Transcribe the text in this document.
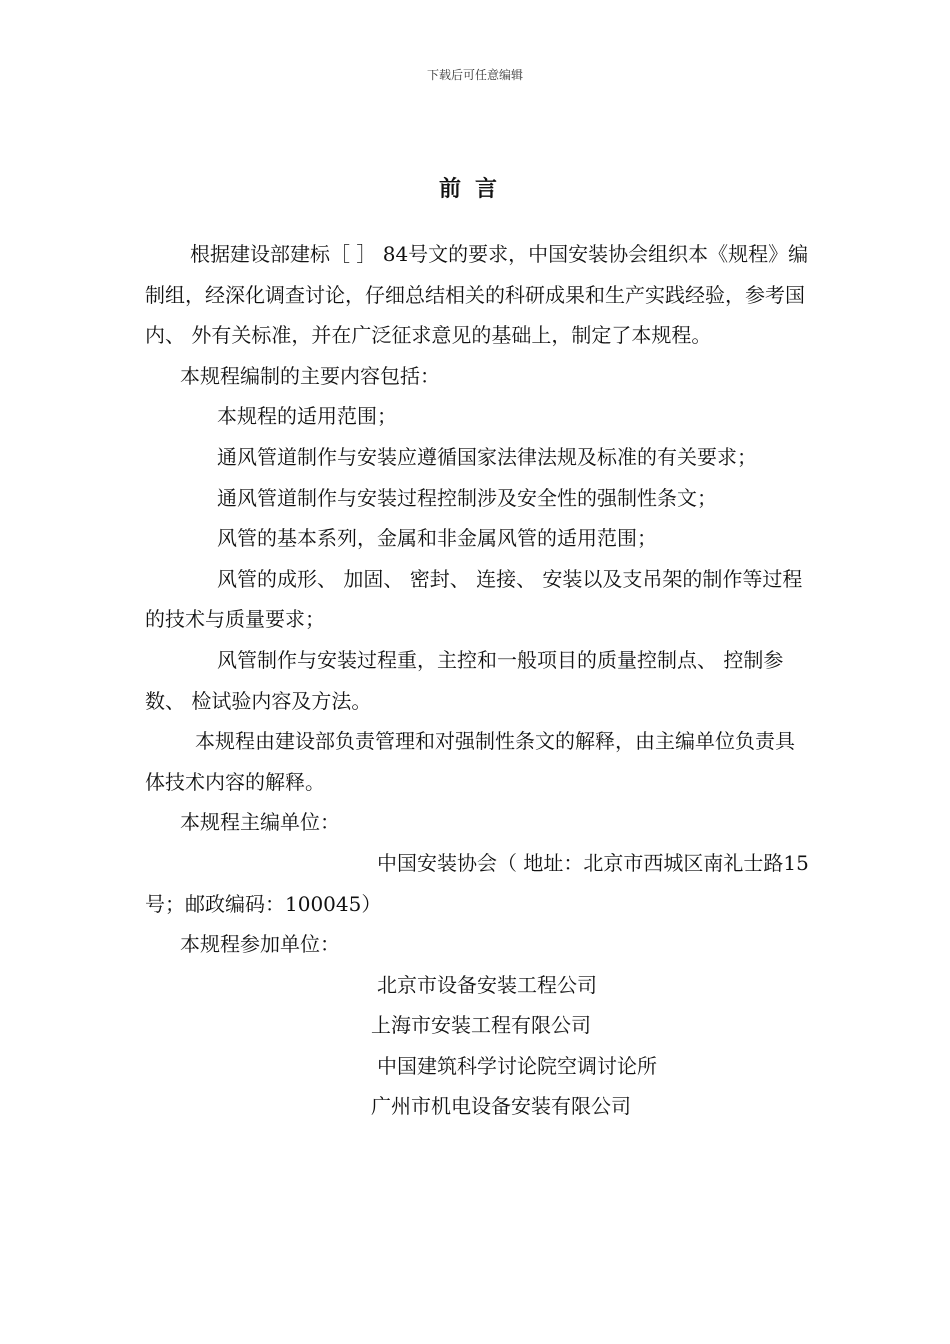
下载后可任意编辑
前言

根据建设部建标［ ］ 84号文的要求，中国安装协会组织本《规程》编制组，经深化调查讨论，仔细总结相关的科研成果和生产实践经验，参考国内、 外有关标准，并在广泛征求意见的基础上，制定了本规程。

本规程编制的主要内容包括：

本规程的适用范围；

通风管道制作与安装应遵循国家法律法规及标准的有关要求；

通风管道制作与安装过程控制涉及安全性的强制性条文；

风管的基本系列，金属和非金属风管的适用范围；

风管的成形、 加固、 密封、 连接、 安装以及支吊架的制作等过程的技术与质量要求；

风管制作与安装过程重，主控和一般项目的质量控制点、 控制参数、 检试验内容及方法。

本规程由建设部负责管理和对强制性条文的解释，由主编单位负责具体技术内容的解释。

本规程主编单位：

中国安装协会（ 地址：北京市西城区南礼士路15号；邮政编码：100045）

本规程参加单位：

北京市设备安装工程公司

上海市安装工程有限公司

中国建筑科学讨论院空调讨论所

广州市机电设备安装有限公司
